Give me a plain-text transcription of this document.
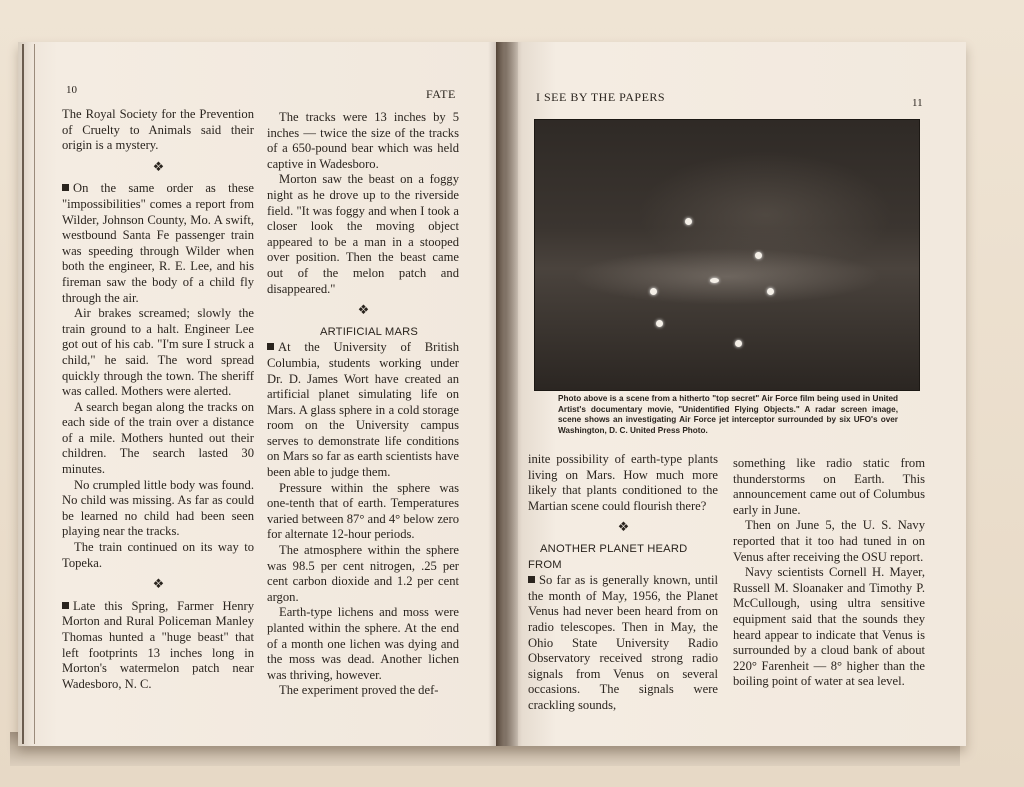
10	FATE

The Royal Society for the Prevention of Cruelty to Animals said their origin is a mystery.

❖

On the same order as these "impossibilities" comes a report from Wilder, Johnson County, Mo. A swift, westbound Santa Fe passenger train was speeding through Wilder when both the engineer, R. E. Lee, and his fireman saw the body of a child fly through the air.

Air brakes screamed; slowly the train ground to a halt. Engineer Lee got out of his cab. "I'm sure I struck a child," he said. The word spread quickly through the town. The sheriff was called. Mothers were alerted.

A search began along the tracks on each side of the train over a distance of a mile. Mothers hunted out their children. The search lasted 30 minutes.

No crumpled little body was found. No child was missing. As far as could be learned no child had been seen playing near the tracks.

The train continued on its way to Topeka.

❖

Late this Spring, Farmer Henry Morton and Rural Policeman Manley Thomas hunted a "huge beast" that left footprints 13 inches long in Morton's watermelon patch near Wadesboro, N. C.

The tracks were 13 inches by 5 inches — twice the size of the tracks of a 650-pound bear which was held captive in Wadesboro.

Morton saw the beast on a foggy night as he drove up to the riverside field. "It was foggy and when I took a closer look the moving object appeared to be a man in a stooped over position. Then the beast came out of the melon patch and disappeared."

❖

ARTIFICIAL MARS

At the University of British Columbia, students working under Dr. D. James Wort have created an artificial planet simulating life on Mars. A glass sphere in a cold storage room on the University campus serves to demonstrate life conditions on Mars so far as earth scientists have been able to judge them.

Pressure within the sphere was one-tenth that of earth. Temperatures varied between 87° and 4° below zero for alternate 12-hour periods.

The atmosphere within the sphere was 98.5 per cent nitrogen, .25 per cent carbon dioxide and 1.2 per cent argon.

Earth-type lichens and moss were planted within the sphere. At the end of a month one lichen was dying and the moss was dead. Another lichen was thriving, however.

The experiment proved the def-

I SEE BY THE PAPERS	11
Photo above is a scene from a hitherto "top secret" Air Force film being used in United Artist's documentary movie, "Unidentified Flying Objects." A radar screen image, scene shows an investigating Air Force jet interceptor surrounded by six UFO's over Washington, D. C. United Press Photo.

inite possibility of earth-type plants living on Mars. How much more likely that plants conditioned to the Martian scene could flourish there?

❖

ANOTHER PLANET HEARD FROM

So far as is generally known, until the month of May, 1956, the Planet Venus had never been heard from on radio telescopes. Then in May, the Ohio State University Radio Observatory received strong radio signals from Venus on several occasions. The signals were crackling sounds,

something like radio static from thunderstorms on Earth. This announcement came out of Columbus early in June.

Then on June 5, the U. S. Navy reported that it too had tuned in on Venus after receiving the OSU report.

Navy scientists Cornell H. Mayer, Russell M. Sloanaker and Timothy P. McCullough, using ultra sensitive equipment said that the sounds they heard appear to indicate that Venus is surrounded by a cloud bank of about 220° Farenheit — 8° higher than the boiling point of water at sea level.
